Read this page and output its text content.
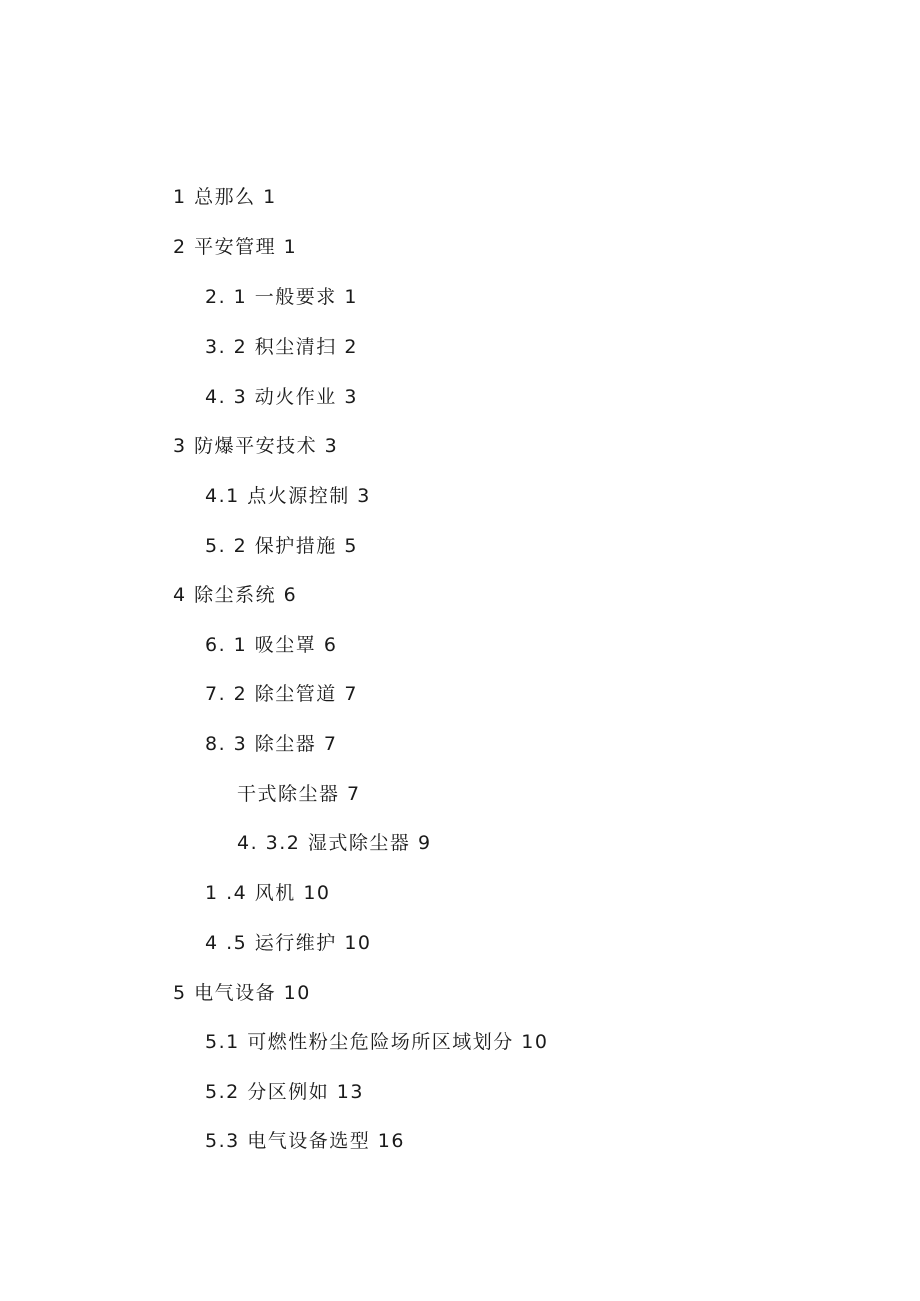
1 总那么 1
2 平安管理 1
2. 1 一般要求 1
3. 2 积尘清扫 2
4. 3 动火作业 3
3 防爆平安技术 3
4.1 点火源控制 3
5. 2 保护措施 5
4 除尘系统 6
6. 1 吸尘罩 6
7. 2 除尘管道 7
8. 3 除尘器 7
干式除尘器 7
4. 3.2 湿式除尘器 9
1 .4 风机 10
4 .5 运行维护 10
5 电气设备 10
5.1 可燃性粉尘危险场所区域划分 10
5.2 分区例如 13
5.3 电气设备选型 16
